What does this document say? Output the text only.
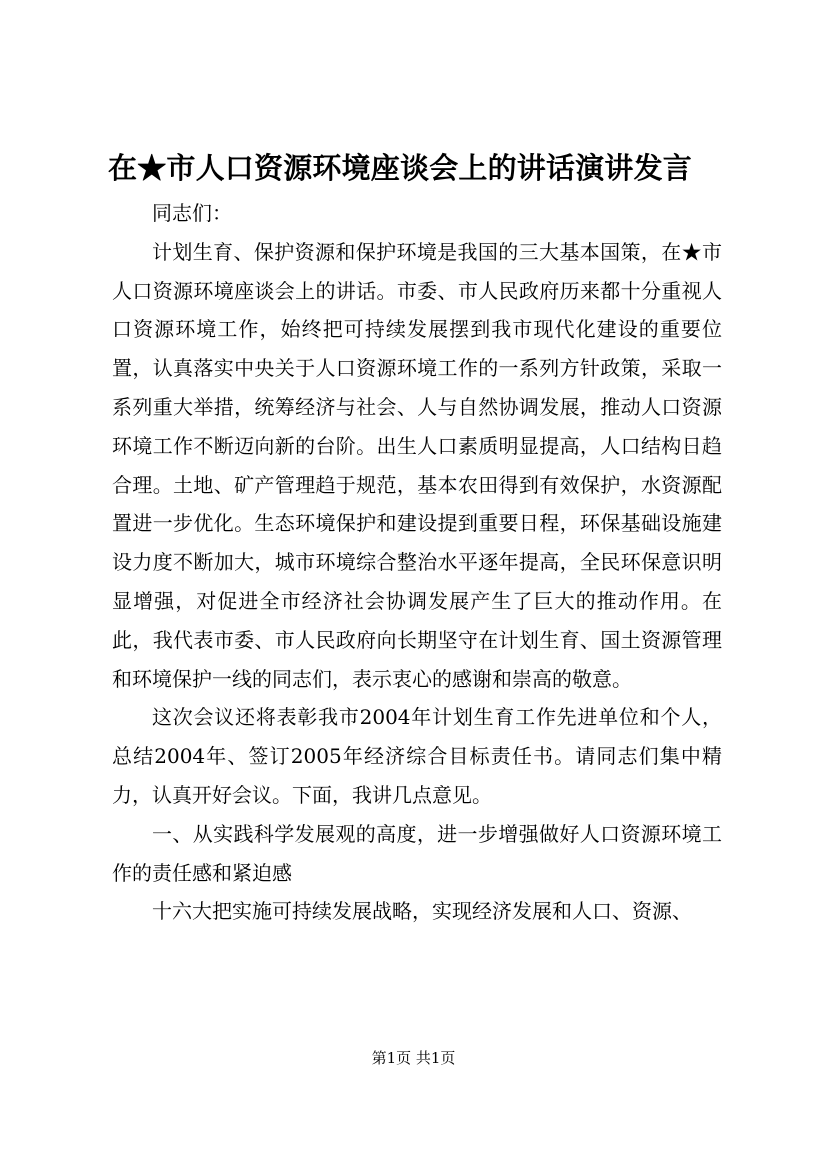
在★市人口资源环境座谈会上的讲话演讲发言

同志们：

计划生育、保护资源和保护环境是我国的三大基本国策，在★市人口资源环境座谈会上的讲话。市委、市人民政府历来都十分重视人口资源环境工作，始终把可持续发展摆到我市现代化建设的重要位置，认真落实中央关于人口资源环境工作的一系列方针政策，采取一系列重大举措，统筹经济与社会、人与自然协调发展，推动人口资源环境工作不断迈向新的台阶。出生人口素质明显提高，人口结构日趋合理。土地、矿产管理趋于规范，基本农田得到有效保护，水资源配置进一步优化。生态环境保护和建设提到重要日程，环保基础设施建设力度不断加大，城市环境综合整治水平逐年提高，全民环保意识明显增强，对促进全市经济社会协调发展产生了巨大的推动作用。在此，我代表市委、市人民政府向长期坚守在计划生育、国土资源管理和环境保护一线的同志们，表示衷心的感谢和崇高的敬意。

这次会议还将表彰我市2004年计划生育工作先进单位和个人，总结2004年、签订2005年经济综合目标责任书。请同志们集中精力，认真开好会议。下面，我讲几点意见。

一、从实践科学发展观的高度，进一步增强做好人口资源环境工作的责任感和紧迫感

十六大把实施可持续发展战略，实现经济发展和人口、资源、

第1页 共1页
